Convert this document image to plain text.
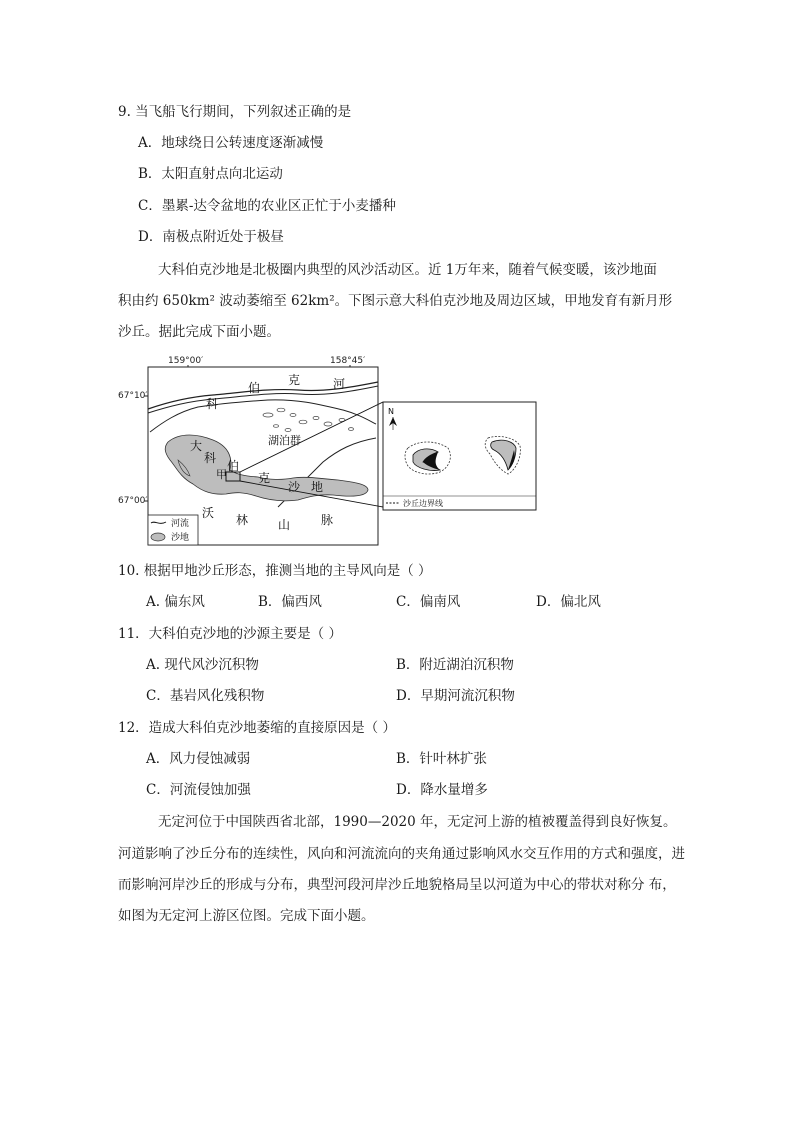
9. 当飞船飞行期间，下列叙述正确的是
A．地球绕日公转速度逐渐减慢
B．太阳直射点向北运动
C．墨累-达令盆地的农业区正忙于小麦播种
D．南极点附近处于极昼
大科伯克沙地是北极圈内典型的风沙活动区。近 1万年来，随着气候变暖，该沙地面
积由约 650km² 波动萎缩至 62km²。下图示意大科伯克沙地及周边区域，甲地发育有新月形
沙丘。据此完成下面小题。
159°00′	158°45′
67°10′
67°00′
科
伯
克	河
湖泊群
大
科
甲
伯
克
沙 地
沃 林 山	脉
河流
沙地
N
沙丘边界线
10. 根据甲地沙丘形态，推测当地的主导风向是（ ）
A. 偏东风	B．偏西风	C．偏南风	D．偏北风
11．大科伯克沙地的沙源主要是（ ）
A. 现代风沙沉积物	B．附近湖泊沉积物
C．基岩风化残积物	D．早期河流沉积物
12．造成大科伯克沙地萎缩的直接原因是（ ）
A．风力侵蚀减弱	B．针叶林扩张
C．河流侵蚀加强	D．降水量增多
无定河位于中国陕西省北部，1990—2020 年，无定河上游的植被覆盖得到良好恢复。
河道影响了沙丘分布的连续性，风向和河流流向的夹角通过影响风水交互作用的方式和强度，进
而影响河岸沙丘的形成与分布，典型河段河岸沙丘地貌格局呈以河道为中心的带状对称分 布，
如图为无定河上游区位图。完成下面小题。
